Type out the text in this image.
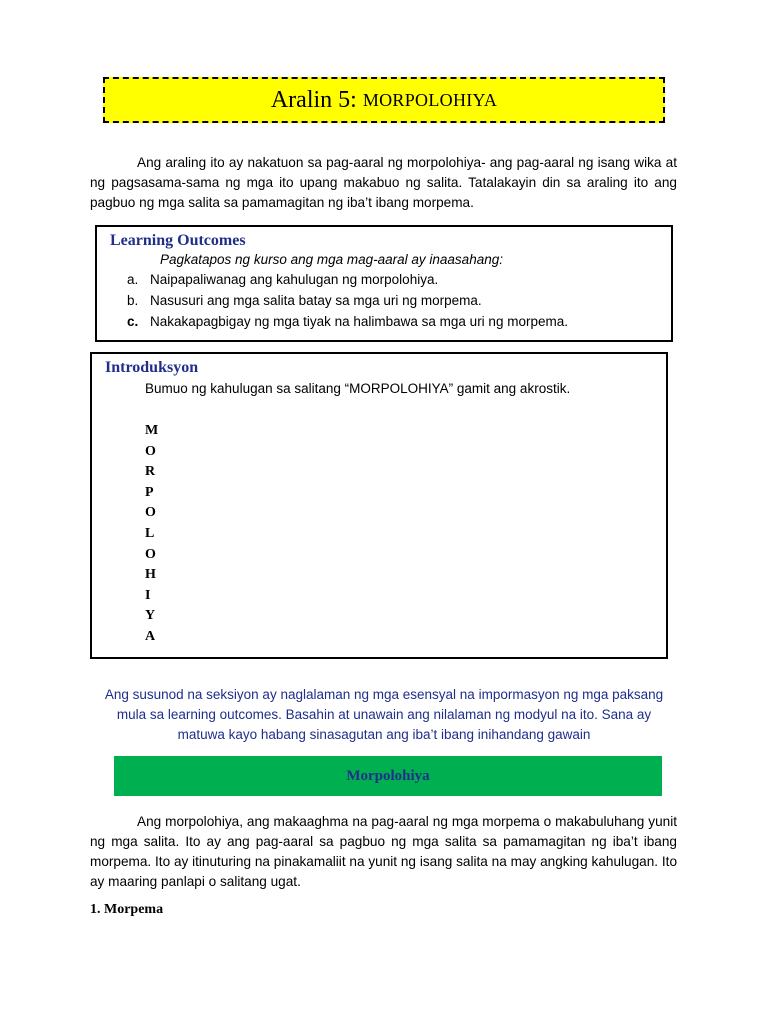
Aralin 5: MORPOLOHIYA

Ang araling ito ay nakatuon sa pag-aaral ng morpolohiya- ang pag-aaral ng isang wika at ng pagsasama-sama ng mga ito upang makabuo ng salita. Tatalakayin din sa araling ito ang pagbuo ng mga salita sa pamamagitan ng iba’t ibang morpema.

Learning Outcomes
Pagkatapos ng kurso ang mga mag-aaral ay inaasahang:
a. Naipapaliwanag ang kahulugan ng morpolohiya.
b. Nasusuri ang mga salita batay sa mga uri ng morpema.
c. Nakakapagbigay ng mga tiyak na halimbawa sa mga uri ng morpema.
Introduksyon
Bumuo ng kahulugan sa salitang “MORPOLOHIYA” gamit ang akrostik.
M
O
R
P
O
L
O
H
I
Y
A
Ang susunod na seksiyon ay naglalaman ng mga esensyal na impormasyon ng mga paksang mula sa learning outcomes. Basahin at unawain ang nilalaman ng modyul na ito. Sana ay matuwa kayo habang sinasagutan ang iba’t ibang inihandang gawain
Morpolohiya

Ang morpolohiya, ang makaaghma na pag-aaral ng mga morpema o makabuluhang yunit ng mga salita. Ito ay ang pag-aaral sa pagbuo ng mga salita sa pamamagitan ng iba’t ibang morpema. Ito ay itinuturing na pinakamaliit na yunit ng isang salita na may angking kahulugan. Ito ay maaring panlapi o salitang ugat.

1. Morpema
